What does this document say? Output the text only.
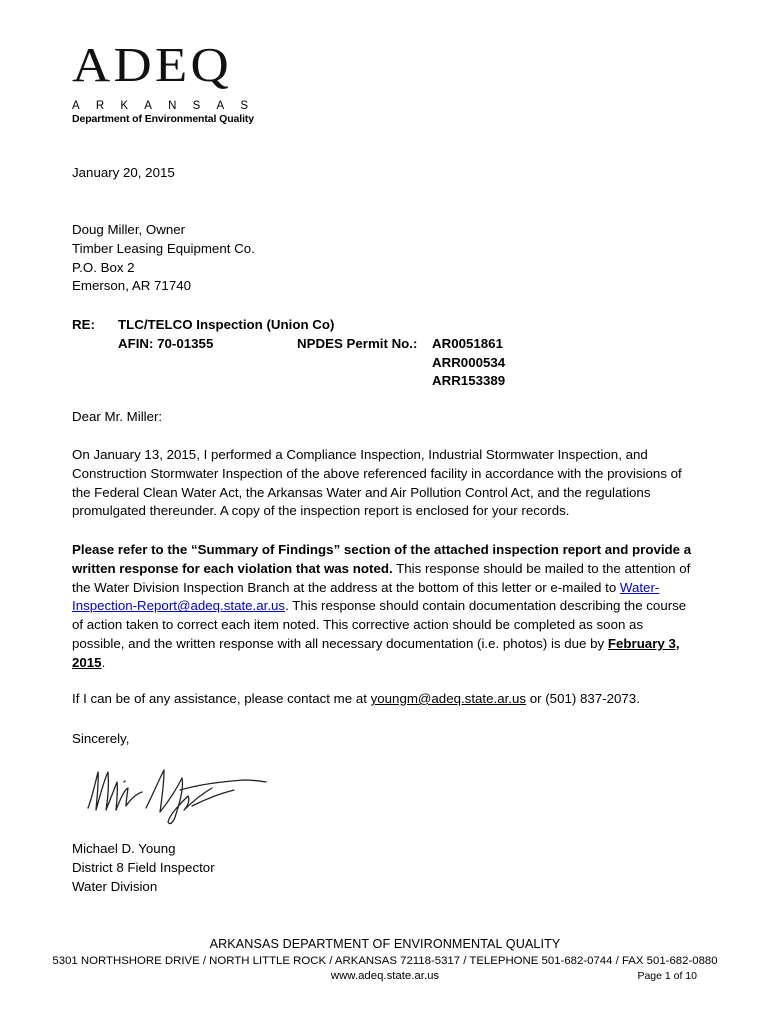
ADEQ
ARKANSAS
Department of Environmental Quality
January 20, 2015
Doug Miller, Owner
Timber Leasing Equipment Co.
P.O. Box 2
Emerson, AR 71740
RE: TLC/TELCO Inspection (Union Co)
AFIN: 70-01355	NPDES Permit No.: AR0051861
ARR000534
ARR153389
Dear Mr. Miller:
On January 13, 2015, I performed a Compliance Inspection, Industrial Stormwater Inspection, and Construction Stormwater Inspection of the above referenced facility in accordance with the provisions of the Federal Clean Water Act, the Arkansas Water and Air Pollution Control Act, and the regulations promulgated thereunder. A copy of the inspection report is enclosed for your records.
Please refer to the “Summary of Findings” section of the attached inspection report and provide a written response for each violation that was noted. This response should be mailed to the attention of the Water Division Inspection Branch at the address at the bottom of this letter or e-mailed to Water-Inspection-Report@adeq.state.ar.us. This response should contain documentation describing the course of action taken to correct each item noted. This corrective action should be completed as soon as possible, and the written response with all necessary documentation (i.e. photos) is due by February 3, 2015.
If I can be of any assistance, please contact me at youngm@adeq.state.ar.us or (501) 837-2073.
Sincerely,
Michael D. Young
District 8 Field Inspector
Water Division
ARKANSAS DEPARTMENT OF ENVIRONMENTAL QUALITY
5301 NORTHSHORE DRIVE / NORTH LITTLE ROCK / ARKANSAS 72118-5317 / TELEPHONE 501-682-0744 / FAX 501-682-0880
www.adeq.state.ar.us	Page 1 of 10
